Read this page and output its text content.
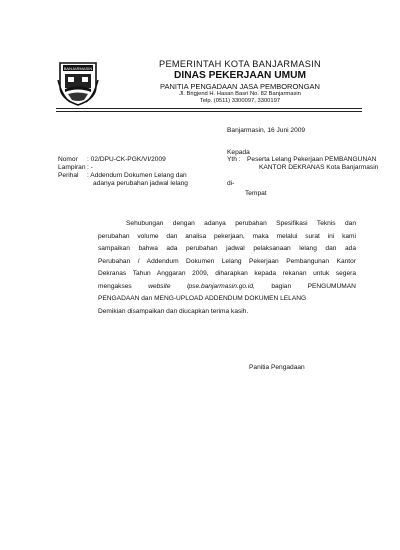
BANJARMASIN	PEMERINTAH KOTA BANJARMASIN
DINAS PEKERJAAN UMUM
PANITIA PENGADAAN JASA PEMBORONGAN
Jl. Brigjend H. Hasan Basri No. 82 Banjarmasin
Telp. (0511) 3300097, 3300197
Banjarmasin, 16 Juni 2009
Kepada
Yth : Peserta Lelang Pekerjaan PEMBANGUNAN
KANTOR DEKRANAS Kota Banjarmasin
di-
Tempat
Nomor : 02/DPU-CK-PGK/VI/2009
Lampiran : -
Perihal : Addendum Dokumen Lelang dan
adanya perubahan jadwal lelang
Sehubungan dengan adanya perubahan Spesifikasi Teknis dan
perubahan volume dan analisa pekerjaan, maka melalui surat ini kami
sampaikan bahwa ada perubahan jadwal pelaksanaan lelang dan ada
Perubahan / Addendum Dokumen Lelang Pekerjaan Pembangunan Kantor
Dekranas Tahun Anggaran 2009, diharapkan kepada rekanan untuk segera
mengakses website lpse.banjarmasin.go.id, bagian PENGUMUMAN
PENGADAAN dan MENG-UPLOAD ADDENDUM DOKUMEN LELANG
Demikian disampaikan dan diucapkan terima kasih.
Panitia Pengadaan
